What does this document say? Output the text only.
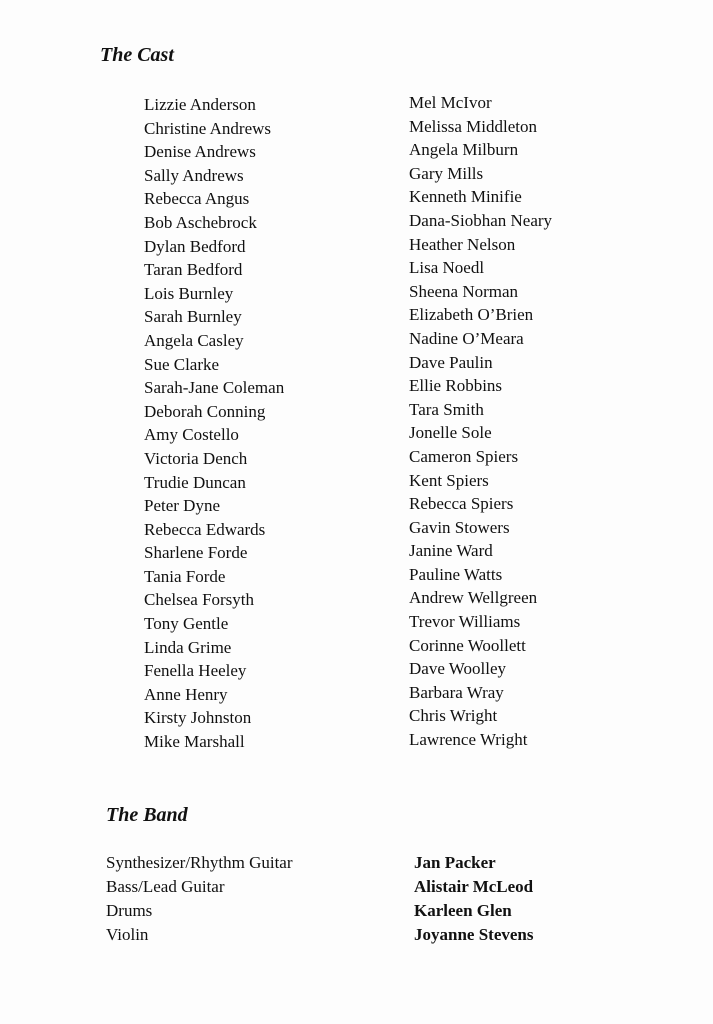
The Cast
Lizzie Anderson
Christine Andrews
Denise Andrews
Sally Andrews
Rebecca Angus
Bob Aschebrock
Dylan Bedford
Taran Bedford
Lois Burnley
Sarah Burnley
Angela Casley
Sue Clarke
Sarah-Jane Coleman
Deborah Conning
Amy Costello
Victoria Dench
Trudie Duncan
Peter Dyne
Rebecca Edwards
Sharlene Forde
Tania Forde
Chelsea Forsyth
Tony Gentle
Linda Grime
Fenella Heeley
Anne Henry
Kirsty Johnston
Mike Marshall
Mel McIvor
Melissa Middleton
Angela Milburn
Gary Mills
Kenneth Minifie
Dana-Siobhan Neary
Heather Nelson
Lisa Noedl
Sheena Norman
Elizabeth O’Brien
Nadine O’Meara
Dave Paulin
Ellie Robbins
Tara Smith
Jonelle Sole
Cameron Spiers
Kent Spiers
Rebecca Spiers
Gavin Stowers
Janine Ward
Pauline Watts
Andrew Wellgreen
Trevor Williams
Corinne Woollett
Dave Woolley
Barbara Wray
Chris Wright
Lawrence Wright
The Band
Synthesizer/Rhythm Guitar
Bass/Lead Guitar
Drums
Violin
Jan Packer
Alistair McLeod
Karleen Glen
Joyanne Stevens
